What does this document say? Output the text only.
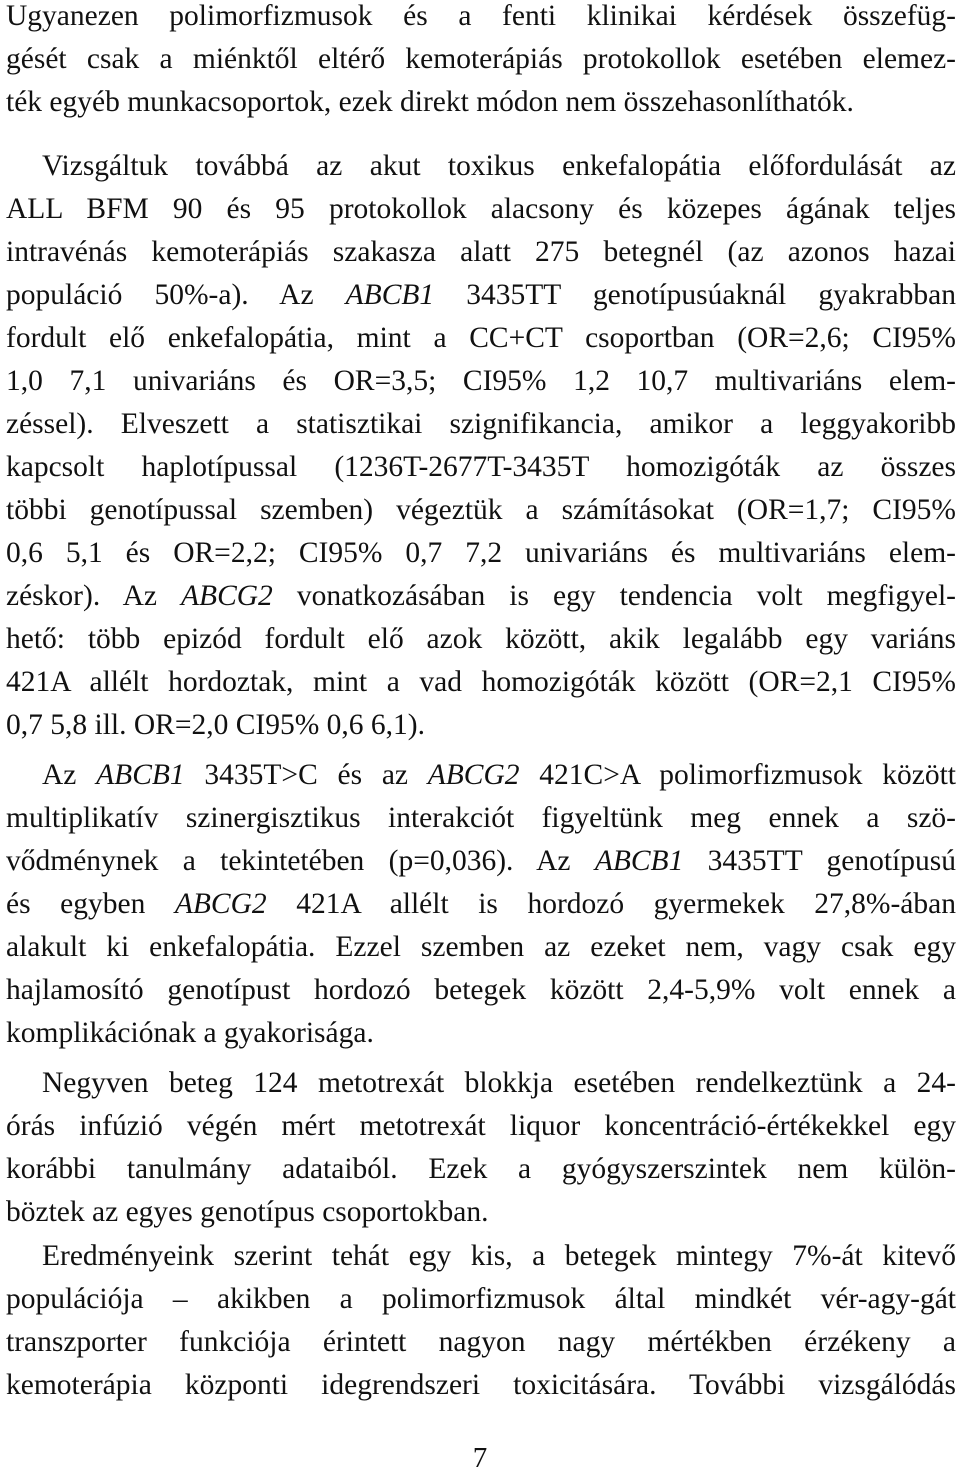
Ugyanezen polimorfizmusok és a fenti klinikai kérdések összefüg-
gését csak a miénktől eltérő kemoterápiás protokollok esetében elemez-
ték egyéb munkacsoportok, ezek direkt módon nem összehasonlíthatók.
Vizsgáltuk továbbá az akut toxikus enkefalopátia előfordulását az
ALL BFM 90 és 95 protokollok alacsony és közepes ágának teljes
intravénás kemoterápiás szakasza alatt 275 betegnél (az azonos hazai
populáció 50%-a). Az ABCB1 3435TT genotípusúaknál gyakrabban
fordult elő enkefalopátia, mint a CC+CT csoportban (OR=2,6; CI95%
1,0 7,1 univariáns és OR=3,5; CI95% 1,2 10,7 multivariáns elem-
zéssel). Elveszett a statisztikai szignifikancia, amikor a leggyakoribb
kapcsolt haplotípussal (1236T-2677T-3435T homozigóták az összes
többi genotípussal szemben) végeztük a számításokat (OR=1,7; CI95%
0,6 5,1 és OR=2,2; CI95% 0,7 7,2 univariáns és multivariáns elem-
zéskor). Az ABCG2 vonatkozásában is egy tendencia volt megfigyel-
hető: több epizód fordult elő azok között, akik legalább egy variáns
421A allélt hordoztak, mint a vad homozigóták között (OR=2,1 CI95%
0,7 5,8 ill. OR=2,0 CI95% 0,6 6,1).
Az ABCB1 3435T>C és az ABCG2 421C>A polimorfizmusok között
multiplikatív szinergisztikus interakciót figyeltünk meg ennek a szö-
vődménynek a tekintetében (p=0,036). Az ABCB1 3435TT genotípusú
és egyben ABCG2 421A allélt is hordozó gyermekek 27,8%-ában
alakult ki enkefalopátia. Ezzel szemben az ezeket nem, vagy csak egy
hajlamosító genotípust hordozó betegek között 2,4-5,9% volt ennek a
komplikációnak a gyakorisága.
Negyven beteg 124 metotrexát blokkja esetében rendelkeztünk a 24-
órás infúzió végén mért metotrexát liquor koncentráció-értékekkel egy
korábbi tanulmány adataiból. Ezek a gyógyszerszintek nem külön-
böztek az egyes genotípus csoportokban.
Eredményeink szerint tehát egy kis, a betegek mintegy 7%-át kitevő
populációja – akikben a polimorfizmusok által mindkét vér-agy-gát
transzporter funkciója érintett nagyon nagy mértékben érzékeny a
kemoterápia központi idegrendszeri toxicitására. További vizsgálódás
7
